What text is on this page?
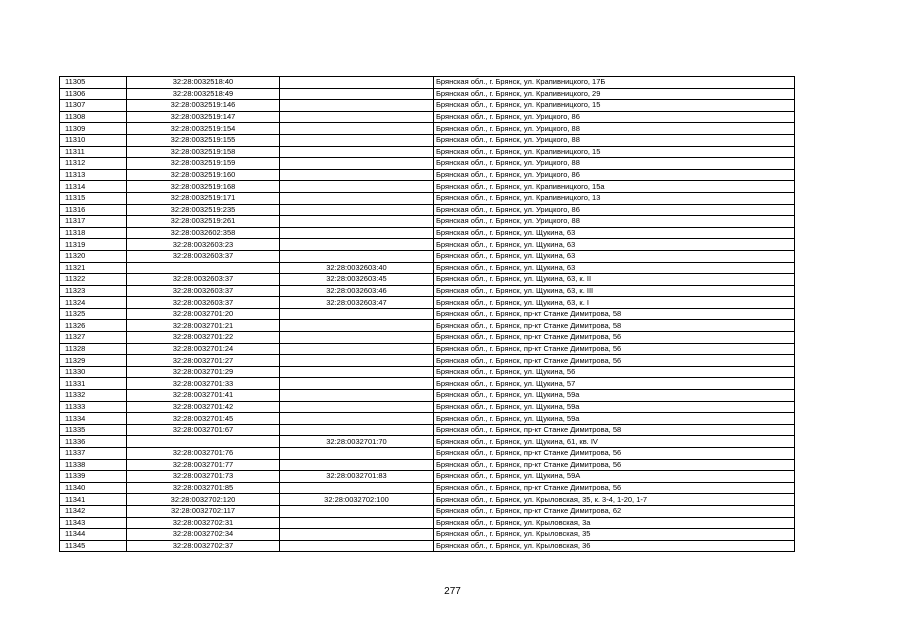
11305	32:28:0032518:40		Брянская обл., г. Брянск, ул. Крапивницкого, 17Б
11306	32:28:0032518:49		Брянская обл., г. Брянск, ул. Крапивницкого, 29
11307	32:28:0032519:146		Брянская обл., г. Брянск, ул. Крапивницкого, 15
11308	32:28:0032519:147		Брянская обл., г. Брянск, ул. Урицкого, 86
11309	32:28:0032519:154		Брянская обл., г. Брянск, ул. Урицкого, 88
11310	32:28:0032519:155		Брянская обл., г. Брянск, ул. Урицкого, 88
11311	32:28:0032519:158		Брянская обл., г. Брянск, ул. Крапивницкого, 15
11312	32:28:0032519:159		Брянская обл., г. Брянск, ул. Урицкого, 88
11313	32:28:0032519:160		Брянская обл., г. Брянск, ул. Урицкого, 86
11314	32:28:0032519:168		Брянская обл., г. Брянск, ул. Крапивницкого, 15а
11315	32:28:0032519:171		Брянская обл., г. Брянск, ул. Крапивницкого, 13
11316	32:28:0032519:235		Брянская обл., г. Брянск, ул. Урицкого, 86
11317	32:28:0032519:261		Брянская обл., г. Брянск, ул. Урицкого, 88
11318	32:28:0032602:358		Брянская обл., г. Брянск, ул. Щукина, 63
11319	32:28:0032603:23		Брянская обл., г. Брянск, ул. Щукина, 63
11320	32:28:0032603:37		Брянская обл., г. Брянск, ул. Щукина, 63
11321		32:28:0032603:40	Брянская обл., г. Брянск, ул. Щукина, 63
11322	32:28:0032603:37	32:28:0032603:45	Брянская обл., г. Брянск, ул. Щукина, 63, к. II
11323	32:28:0032603:37	32:28:0032603:46	Брянская обл., г. Брянск, ул. Щукина, 63, к. III
11324	32:28:0032603:37	32:28:0032603:47	Брянская обл., г. Брянск, ул. Щукина, 63, к. I
11325	32:28:0032701:20		Брянская обл., г. Брянск, пр-кт Станке Димитрова, 58
11326	32:28:0032701:21		Брянская обл., г. Брянск, пр-кт Станке Димитрова, 58
11327	32:28:0032701:22		Брянская обл., г. Брянск, пр-кт Станке Димитрова, 56
11328	32:28:0032701:24		Брянская обл., г. Брянск, пр-кт Станке Димитрова, 56
11329	32:28:0032701:27		Брянская обл., г. Брянск, пр-кт Станке Димитрова, 56
11330	32:28:0032701:29		Брянская обл., г. Брянск, ул. Щукина, 56
11331	32:28:0032701:33		Брянская обл., г. Брянск, ул. Щукина, 57
11332	32:28:0032701:41		Брянская обл., г. Брянск, ул. Щукина, 59а
11333	32:28:0032701:42		Брянская обл., г. Брянск, ул. Щукина, 59а
11334	32:28:0032701:45		Брянская обл., г. Брянск, ул. Щукина, 59а
11335	32:28:0032701:67		Брянская обл., г. Брянск, пр-кт Станке Димитрова, 58
11336		32:28:0032701:70	Брянская обл., г. Брянск, ул. Щукина, 61, кв. IV
11337	32:28:0032701:76		Брянская обл., г. Брянск, пр-кт Станке Димитрова, 56
11338	32:28:0032701:77		Брянская обл., г. Брянск, пр-кт Станке Димитрова, 56
11339	32:28:0032701:73	32:28:0032701:83	Брянская обл., г. Брянск, ул. Щукина, 59А
11340	32:28:0032701:85		Брянская обл., г. Брянск, пр-кт Станке Димитрова, 56
11341	32:28:0032702:120	32:28:0032702:100	Брянская обл., г. Брянск, ул. Крыловская, 35, к. 3-4, 1-20, 1-7
11342	32:28:0032702:117		Брянская обл., г. Брянск, пр-кт Станке Димитрова, 62
11343	32:28:0032702:31		Брянская обл., г. Брянск, ул. Крыловская, 3а
11344	32:28:0032702:34		Брянская обл., г. Брянск, ул. Крыловская, 35
11345	32:28:0032702:37		Брянская обл., г. Брянск, ул. Крыловская, 36
277
